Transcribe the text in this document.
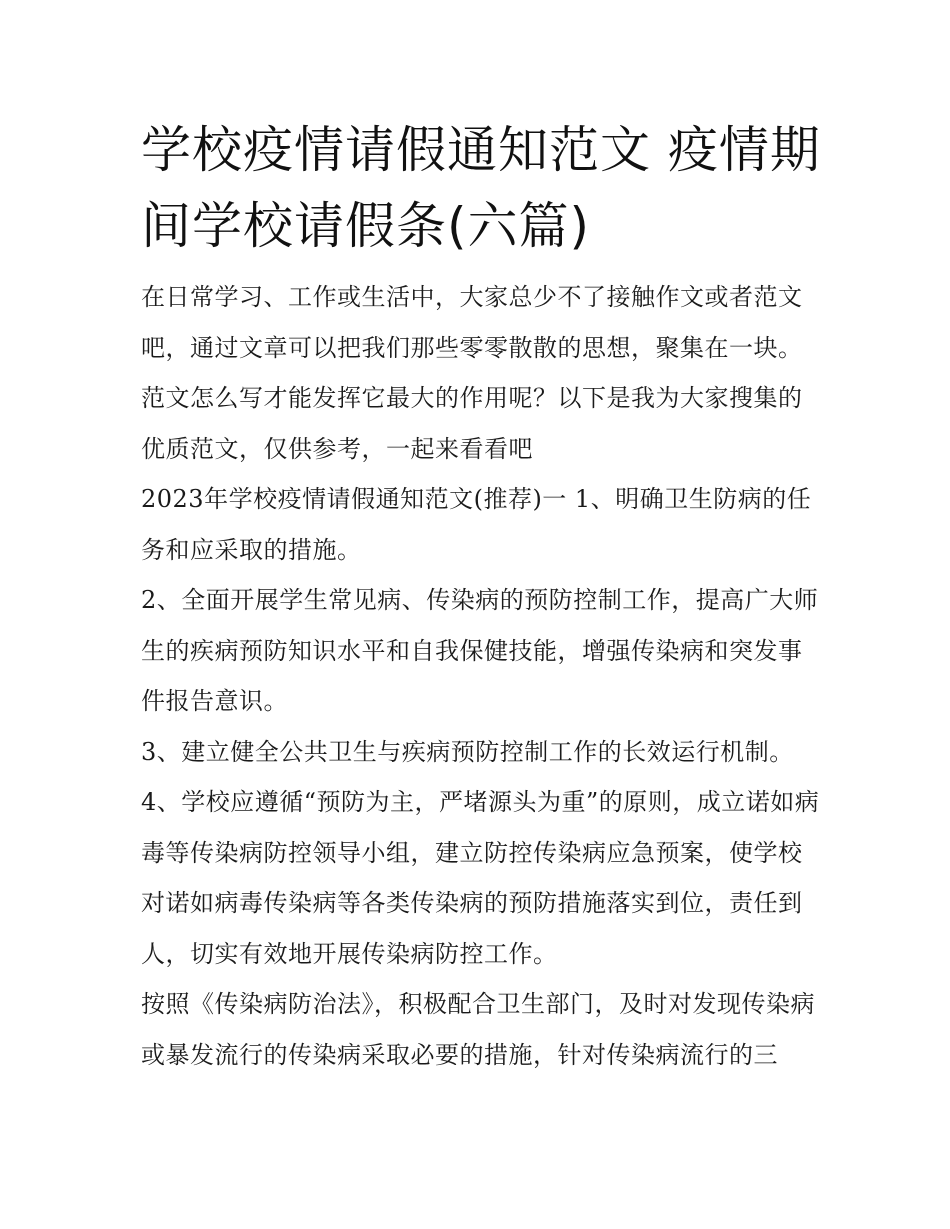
学校疫情请假通知范文 疫情期间学校请假条(六篇)

在日常学习、工作或生活中，大家总少不了接触作文或者范文吧，通过文章可以把我们那些零零散散的思想，聚集在一块。范文怎么写才能发挥它最大的作用呢？以下是我为大家搜集的优质范文，仅供参考，一起来看看吧

2023年学校疫情请假通知范文(推荐)一 1、明确卫生防病的任务和应采取的措施。

2、全面开展学生常见病、传染病的预防控制工作，提高广大师生的疾病预防知识水平和自我保健技能，增强传染病和突发事件报告意识。

3、建立健全公共卫生与疾病预防控制工作的长效运行机制。

4、学校应遵循“预防为主，严堵源头为重”的原则，成立诺如病毒等传染病防控领导小组，建立防控传染病应急预案，使学校对诺如病毒传染病等各类传染病的预防措施落实到位，责任到人，切实有效地开展传染病防控工作。

按照《传染病防治法》，积极配合卫生部门，及时对发现传染病或暴发流行的传染病采取必要的措施，针对传染病流行的三
